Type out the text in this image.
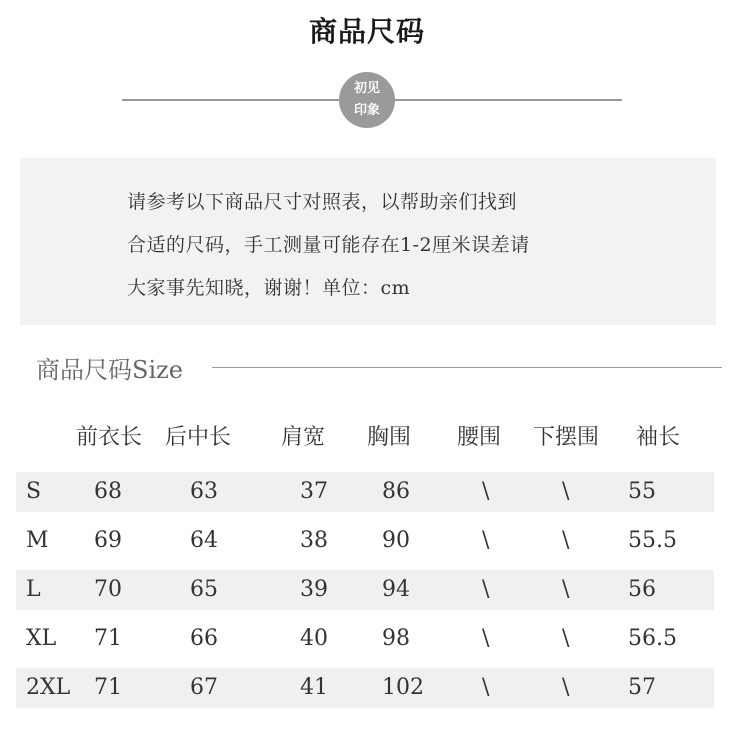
商品尺码
初见
印象
请参考以下商品尺寸对照表，以帮助亲们找到
合适的尺码，手工测量可能存在1-2厘米误差请
大家事先知晓，谢谢！单位：cm
商品尺码Size
前衣长 后中长 肩宽 胸围 腰围 下摆围 袖长
S 68	63	37 86	\	\	55
M 69	64	38 90	\	\	55.5
L 70	65	39 94	\	\	56
XL 71	66	40 98	\	\	56.5
2XL 71	67	41 102	\	\	57
